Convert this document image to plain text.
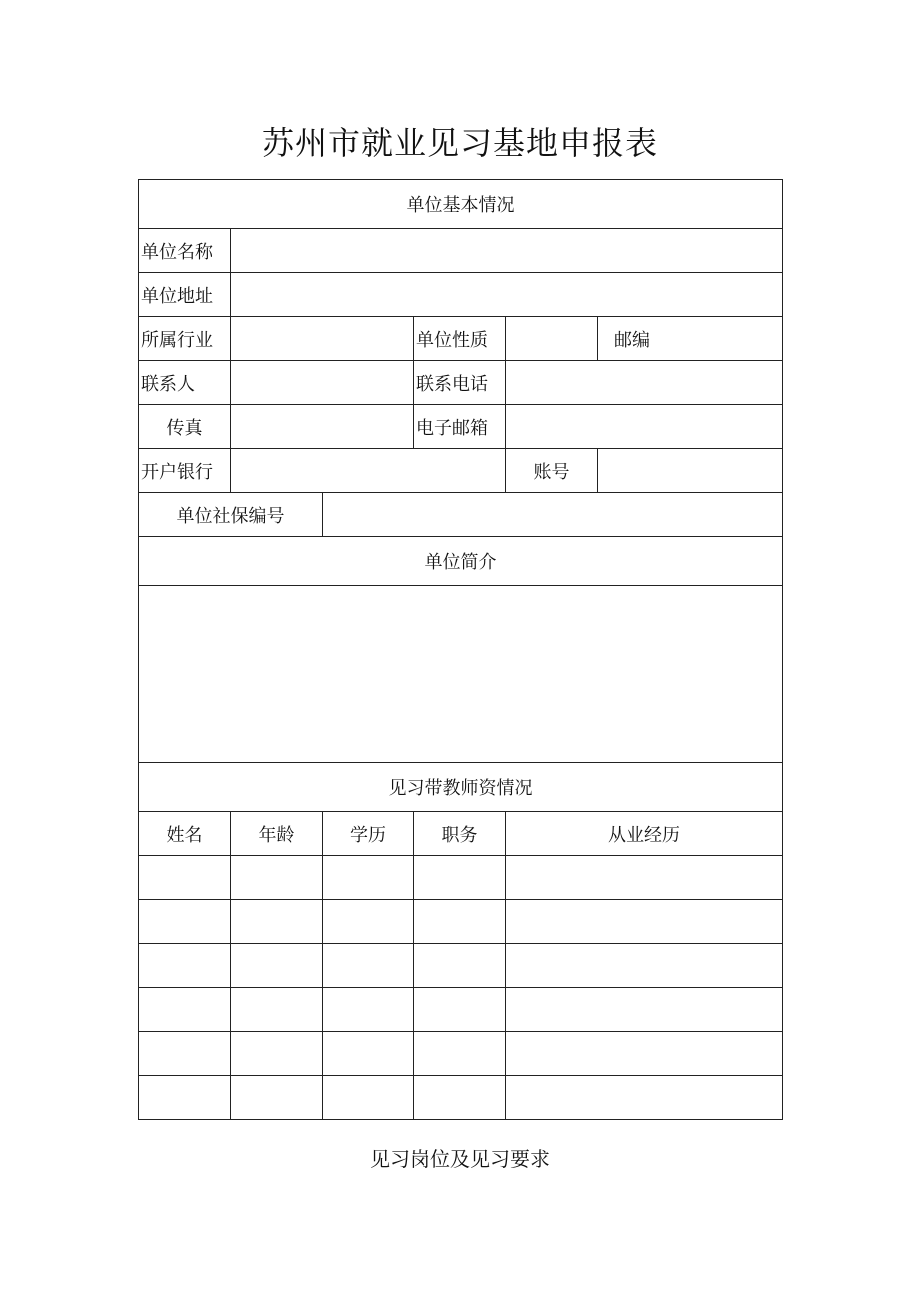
苏州市就业见习基地申报表
单位基本情况					
单位名称					
单位地址					
所属行业			单位性质		邮编
联系人			联系电话		
传真			电子邮箱		
开户银行				账号	
单位社保编号					
单位简介					

见习带教师资情况					
姓名	年龄	学历	职务	从业经历	

见习岗位及见习要求
